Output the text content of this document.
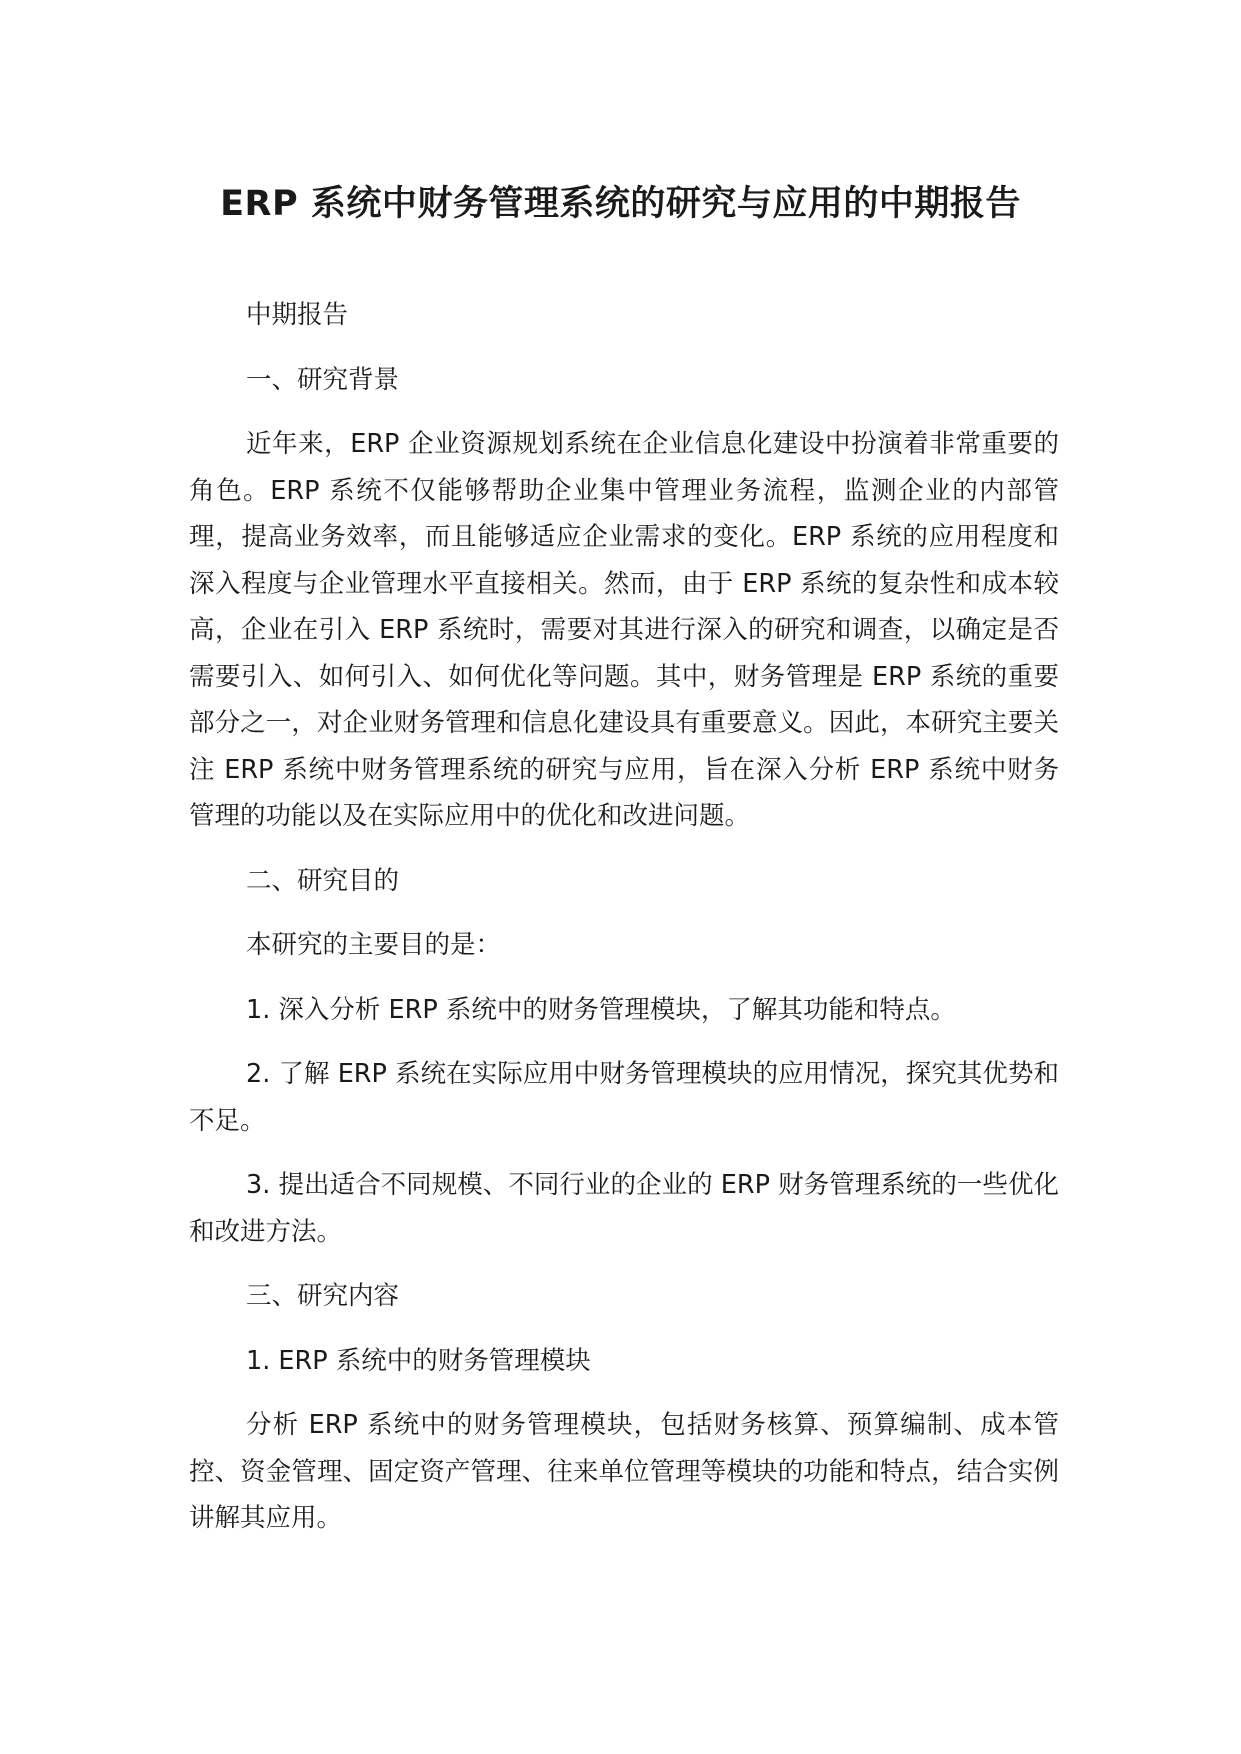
ERP 系统中财务管理系统的研究与应用的中期报告

中期报告

一、研究背景

近年来，ERP 企业资源规划系统在企业信息化建设中扮演着非常重要的角色。ERP 系统不仅能够帮助企业集中管理业务流程，监测企业的内部管理，提高业务效率，而且能够适应企业需求的变化。ERP 系统的应用程度和深入程度与企业管理水平直接相关。然而，由于 ERP 系统的复杂性和成本较高，企业在引入 ERP 系统时，需要对其进行深入的研究和调查，以确定是否需要引入、如何引入、如何优化等问题。其中，财务管理是 ERP 系统的重要部分之一，对企业财务管理和信息化建设具有重要意义。因此，本研究主要关注 ERP 系统中财务管理系统的研究与应用，旨在深入分析 ERP 系统中财务管理的功能以及在实际应用中的优化和改进问题。

二、研究目的

本研究的主要目的是：

1. 深入分析 ERP 系统中的财务管理模块，了解其功能和特点。

2. 了解 ERP 系统在实际应用中财务管理模块的应用情况，探究其优势和不足。

3. 提出适合不同规模、不同行业的企业的 ERP 财务管理系统的一些优化和改进方法。

三、研究内容

1. ERP 系统中的财务管理模块

分析 ERP 系统中的财务管理模块，包括财务核算、预算编制、成本管控、资金管理、固定资产管理、往来单位管理等模块的功能和特点，结合实例讲解其应用。
